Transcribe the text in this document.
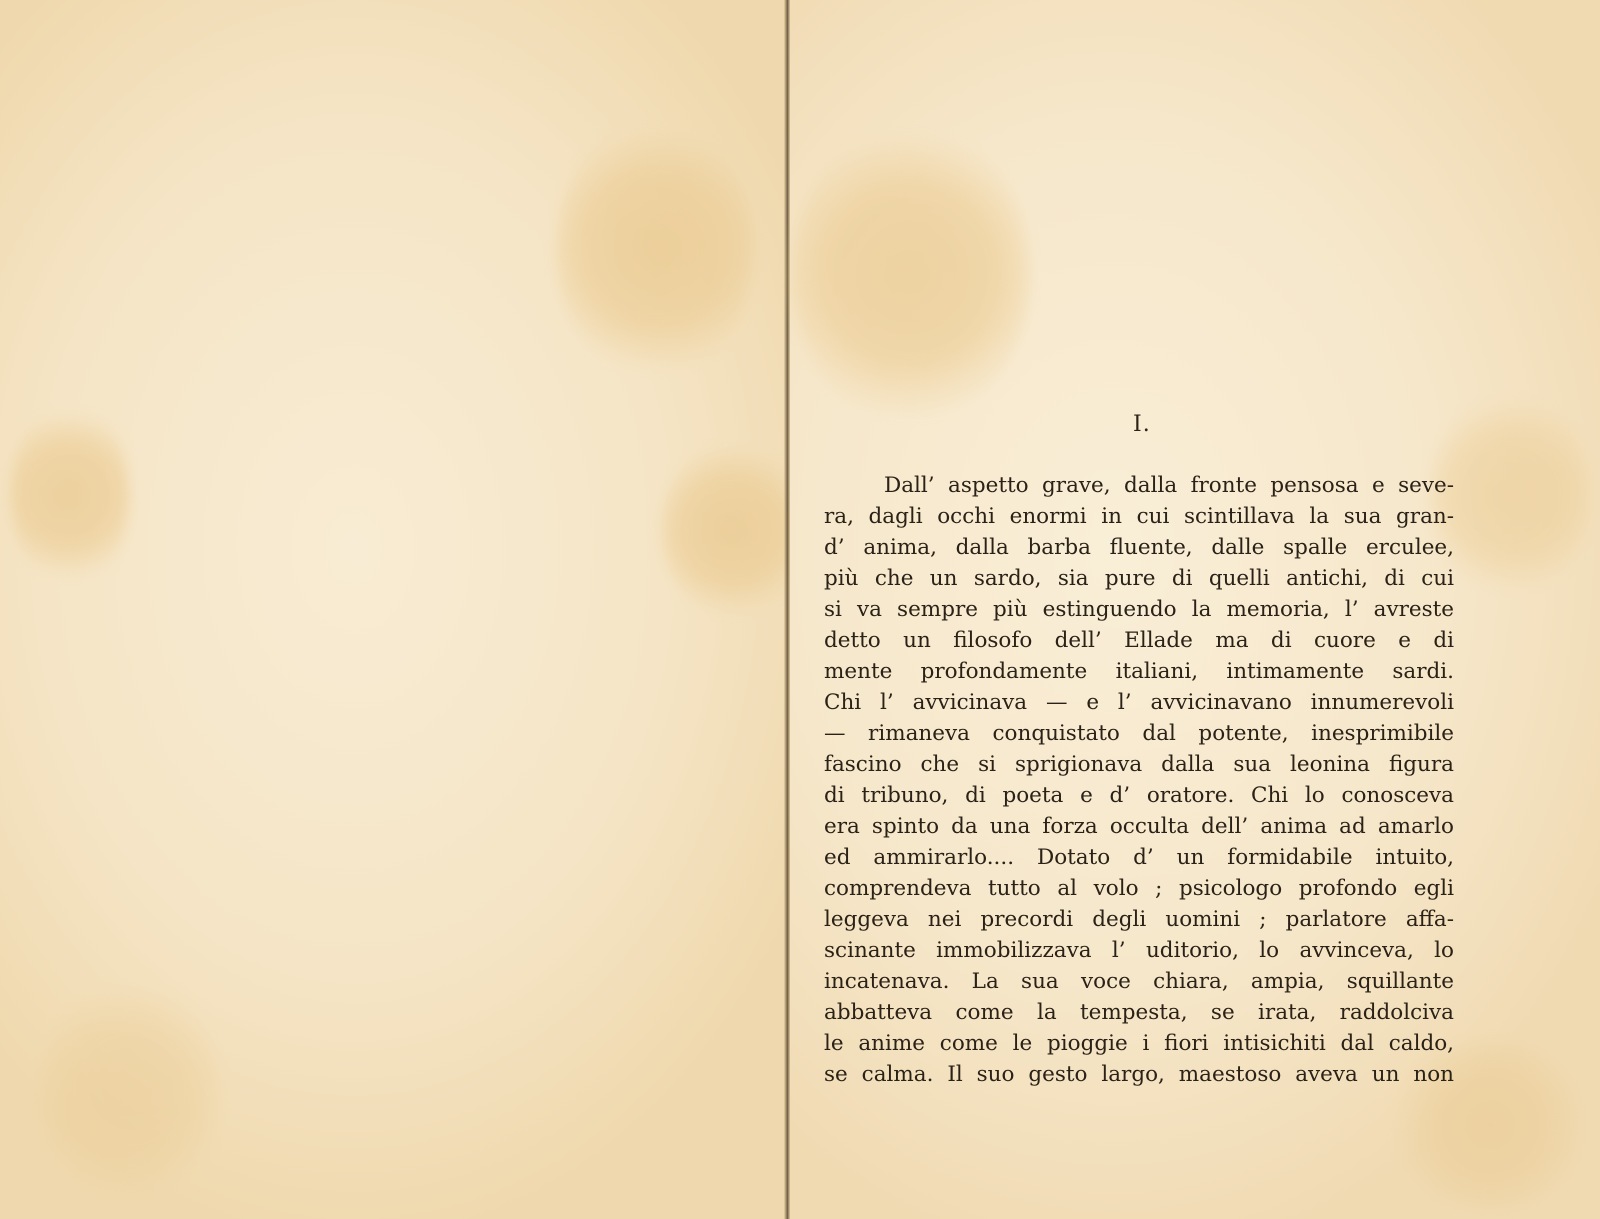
I.
Dall’ aspetto grave, dalla fronte pensosa e seve-
ra, dagli occhi enormi in cui scintillava la sua gran-
d’ anima, dalla barba fluente, dalle spalle erculee,
più che un sardo, sia pure di quelli antichi, di cui
si va sempre più estinguendo la memoria, l’ avreste
detto un filosofo dell’ Ellade ma di cuore e di
mente profondamente italiani, intimamente sardi.
Chi l’ avvicinava — e l’ avvicinavano innumerevoli
— rimaneva conquistato dal potente, inesprimibile
fascino che si sprigionava dalla sua leonina figura
di tribuno, di poeta e d’ oratore. Chi lo conosceva
era spinto da una forza occulta dell’ anima ad amarlo
ed ammirarlo.... Dotato d’ un formidabile intuito,
comprendeva tutto al volo ; psicologo profondo egli
leggeva nei precordi degli uomini ; parlatore affa-
scinante immobilizzava l’ uditorio, lo avvinceva, lo
incatenava. La sua voce chiara, ampia, squillante
abbatteva come la tempesta, se irata, raddolciva
le anime come le pioggie i fiori intisichiti dal caldo,
se calma. Il suo gesto largo, maestoso aveva un non
